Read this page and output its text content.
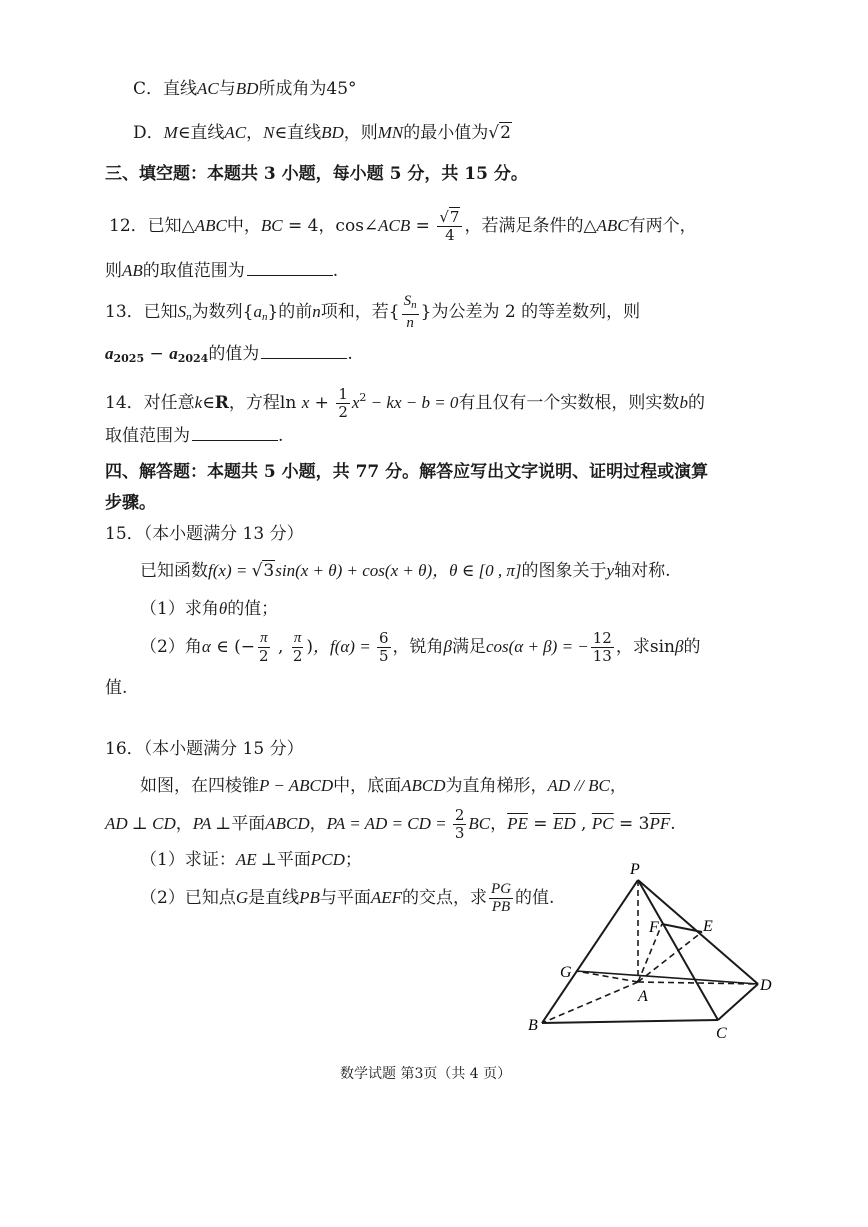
C．直线AC与BD所成角为45°
D．M∈直线AC，N∈直线BD，则MN的最小值为√2
三、填空题：本题共 3 小题，每小题 5 分，共 15 分。
12．已知△ABC中，BC = 4，cos∠ACB = $\frac{√7}{4}$ ，若满足条件的△ABC有两个，
则AB的取值范围为	.
13．已知$S_n$为数列$\{a_n\}$的前n项和，若{ $\frac{S_n}{n}$ }为公差为 2 的等差数列，则
$a_{2025} - a_{2024}$的值为	.
14．对任意k∈R，方程$\ln x + \frac{1}{2} x^2$ − kx − b = 0有且仅有一个实数根，则实数b的
取值范围为	.
四、解答题：本题共 5 小题，共 77 分。解答应写出文字说明、证明过程或演算
步骤。
15．（本小题满分 13 分）
已知函数f(x) = √3sin(x + θ) + cos(x + θ)，θ ∈ [0 , π]的图象关于y轴对称.
（1）求角θ的值；
（2）角α ∈ (− $\frac{\pi}{2}$ , $\frac{\pi}{2}$ )，$f(\alpha) = \frac{6}{5}$ ，锐角β满足cos(α + β) = − $\frac{12}{13}$ ，求sinβ的
值.
16．（本小题满分 15 分）
如图，在四棱锥P − ABCD中，底面ABCD为直角梯形，AD // BC，
AD ⊥ CD，PA ⊥平面ABCD，PA = AD = CD = $\frac{2}{3}$ BC，$\overline{PE} = \overline{ED}$ , $\overline{PC} = 3\overline{PF}$.
（1）求证：AE ⊥平面PCD；
（2）已知点G是直线PB与平面AEF的交点，求 $\frac{PG}{PB}$ 的值.
P
F	E
G
A
D
B	C
数学试题 第3页（共 4 页）
